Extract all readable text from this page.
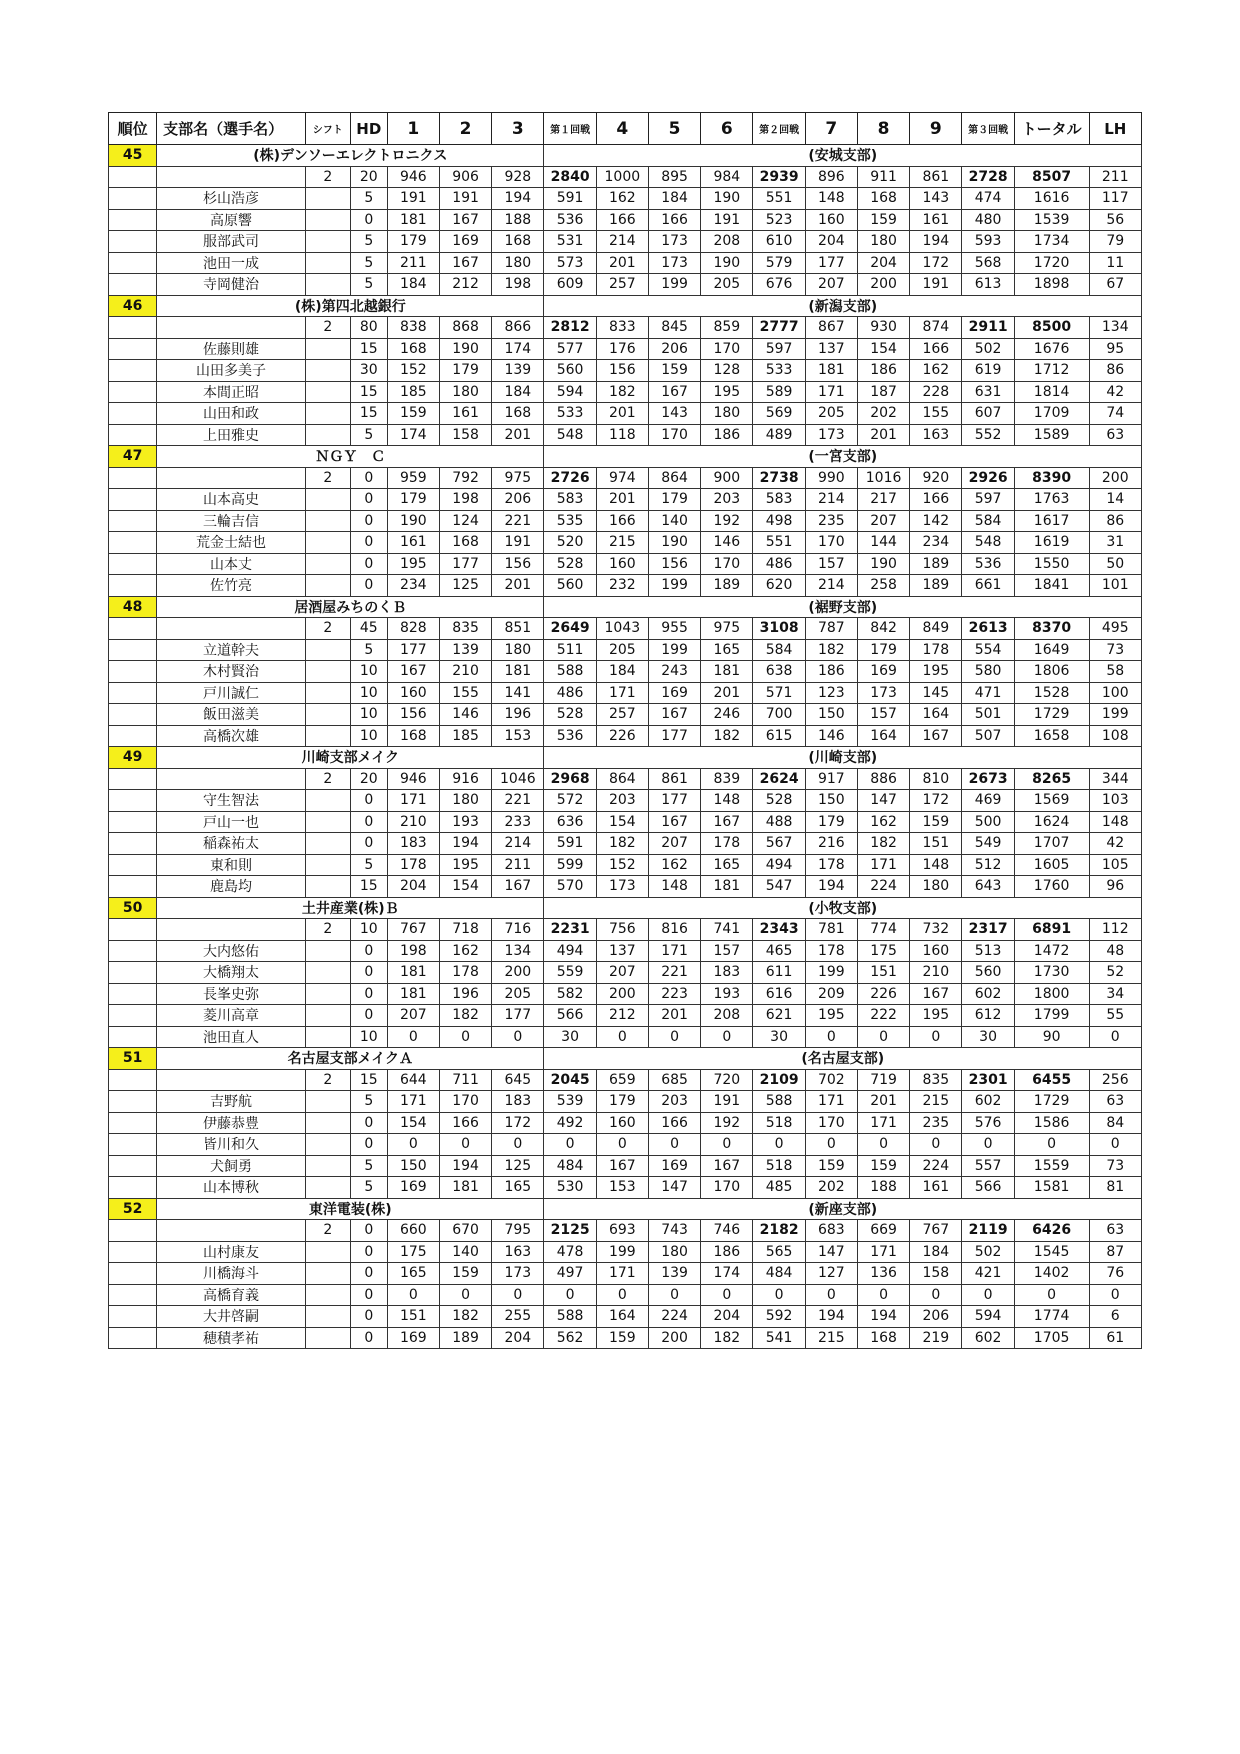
順位	支部名（選手名）	シフト	HD	1	2	3	第１回戦	4	5	6	第２回戦	7	8	9	第３回戦	トータル	LH
45	(株)デンソーエレクトロニクス						(安城支部)										
		2	20	946	906	928	2840	1000	895	984	2939	896	911	861	2728	8507	211
	杉山浩彦		5	191	191	194	591	162	184	190	551	148	168	143	474	1616	117
	高原響		0	181	167	188	536	166	166	191	523	160	159	161	480	1539	56
	服部武司		5	179	169	168	531	214	173	208	610	204	180	194	593	1734	79
	池田一成		5	211	167	180	573	201	173	190	579	177	204	172	568	1720	11
	寺岡健治		5	184	212	198	609	257	199	205	676	207	200	191	613	1898	67
46	(株)第四北越銀行						(新潟支部)										
		2	80	838	868	866	2812	833	845	859	2777	867	930	874	2911	8500	134
	佐藤則雄		15	168	190	174	577	176	206	170	597	137	154	166	502	1676	95
	山田多美子		30	152	179	139	560	156	159	128	533	181	186	162	619	1712	86
	本間正昭		15	185	180	184	594	182	167	195	589	171	187	228	631	1814	42
	山田和政		15	159	161	168	533	201	143	180	569	205	202	155	607	1709	74
	上田雅史		5	174	158	201	548	118	170	186	489	173	201	163	552	1589	63
47	ＮＧＹ　Ｃ						(一宮支部)										
		2	0	959	792	975	2726	974	864	900	2738	990	1016	920	2926	8390	200
	山本高史		0	179	198	206	583	201	179	203	583	214	217	166	597	1763	14
	三輪吉信		0	190	124	221	535	166	140	192	498	235	207	142	584	1617	86
	荒金士結也		0	161	168	191	520	215	190	146	551	170	144	234	548	1619	31
	山本丈		0	195	177	156	528	160	156	170	486	157	190	189	536	1550	50
	佐竹亮		0	234	125	201	560	232	199	189	620	214	258	189	661	1841	101
48	居酒屋みちのくＢ						(裾野支部)										
		2	45	828	835	851	2649	1043	955	975	3108	787	842	849	2613	8370	495
	立道幹夫		5	177	139	180	511	205	199	165	584	182	179	178	554	1649	73
	木村賢治		10	167	210	181	588	184	243	181	638	186	169	195	580	1806	58
	戸川誠仁		10	160	155	141	486	171	169	201	571	123	173	145	471	1528	100
	飯田滋美		10	156	146	196	528	257	167	246	700	150	157	164	501	1729	199
	高橋次雄		10	168	185	153	536	226	177	182	615	146	164	167	507	1658	108
49	川崎支部メイク						(川崎支部)										
		2	20	946	916	1046	2968	864	861	839	2624	917	886	810	2673	8265	344
	守生智法		0	171	180	221	572	203	177	148	528	150	147	172	469	1569	103
	戸山一也		0	210	193	233	636	154	167	167	488	179	162	159	500	1624	148
	稲森祐太		0	183	194	214	591	182	207	178	567	216	182	151	549	1707	42
	東和則		5	178	195	211	599	152	162	165	494	178	171	148	512	1605	105
	鹿島均		15	204	154	167	570	173	148	181	547	194	224	180	643	1760	96
50	土井産業(株)Ｂ						(小牧支部)										
		2	10	767	718	716	2231	756	816	741	2343	781	774	732	2317	6891	112
	大内悠佑		0	198	162	134	494	137	171	157	465	178	175	160	513	1472	48
	大橋翔太		0	181	178	200	559	207	221	183	611	199	151	210	560	1730	52
	長峯史弥		0	181	196	205	582	200	223	193	616	209	226	167	602	1800	34
	菱川高章		0	207	182	177	566	212	201	208	621	195	222	195	612	1799	55
	池田直人		10	0	0	0	30	0	0	0	30	0	0	0	30	90	0
51	名古屋支部メイクＡ						(名古屋支部)										
		2	15	644	711	645	2045	659	685	720	2109	702	719	835	2301	6455	256
	吉野航		5	171	170	183	539	179	203	191	588	171	201	215	602	1729	63
	伊藤恭豊		0	154	166	172	492	160	166	192	518	170	171	235	576	1586	84
	皆川和久		0	0	0	0	0	0	0	0	0	0	0	0	0	0	0
	犬飼勇		5	150	194	125	484	167	169	167	518	159	159	224	557	1559	73
	山本博秋		5	169	181	165	530	153	147	170	485	202	188	161	566	1581	81
52	東洋電装(株)						(新座支部)										
		2	0	660	670	795	2125	693	743	746	2182	683	669	767	2119	6426	63
	山村康友		0	175	140	163	478	199	180	186	565	147	171	184	502	1545	87
	川橋海斗		0	165	159	173	497	171	139	174	484	127	136	158	421	1402	76
	高橋育義		0	0	0	0	0	0	0	0	0	0	0	0	0	0	0
	大井啓嗣		0	151	182	255	588	164	224	204	592	194	194	206	594	1774	6
	穂積孝祐		0	169	189	204	562	159	200	182	541	215	168	219	602	1705	61
